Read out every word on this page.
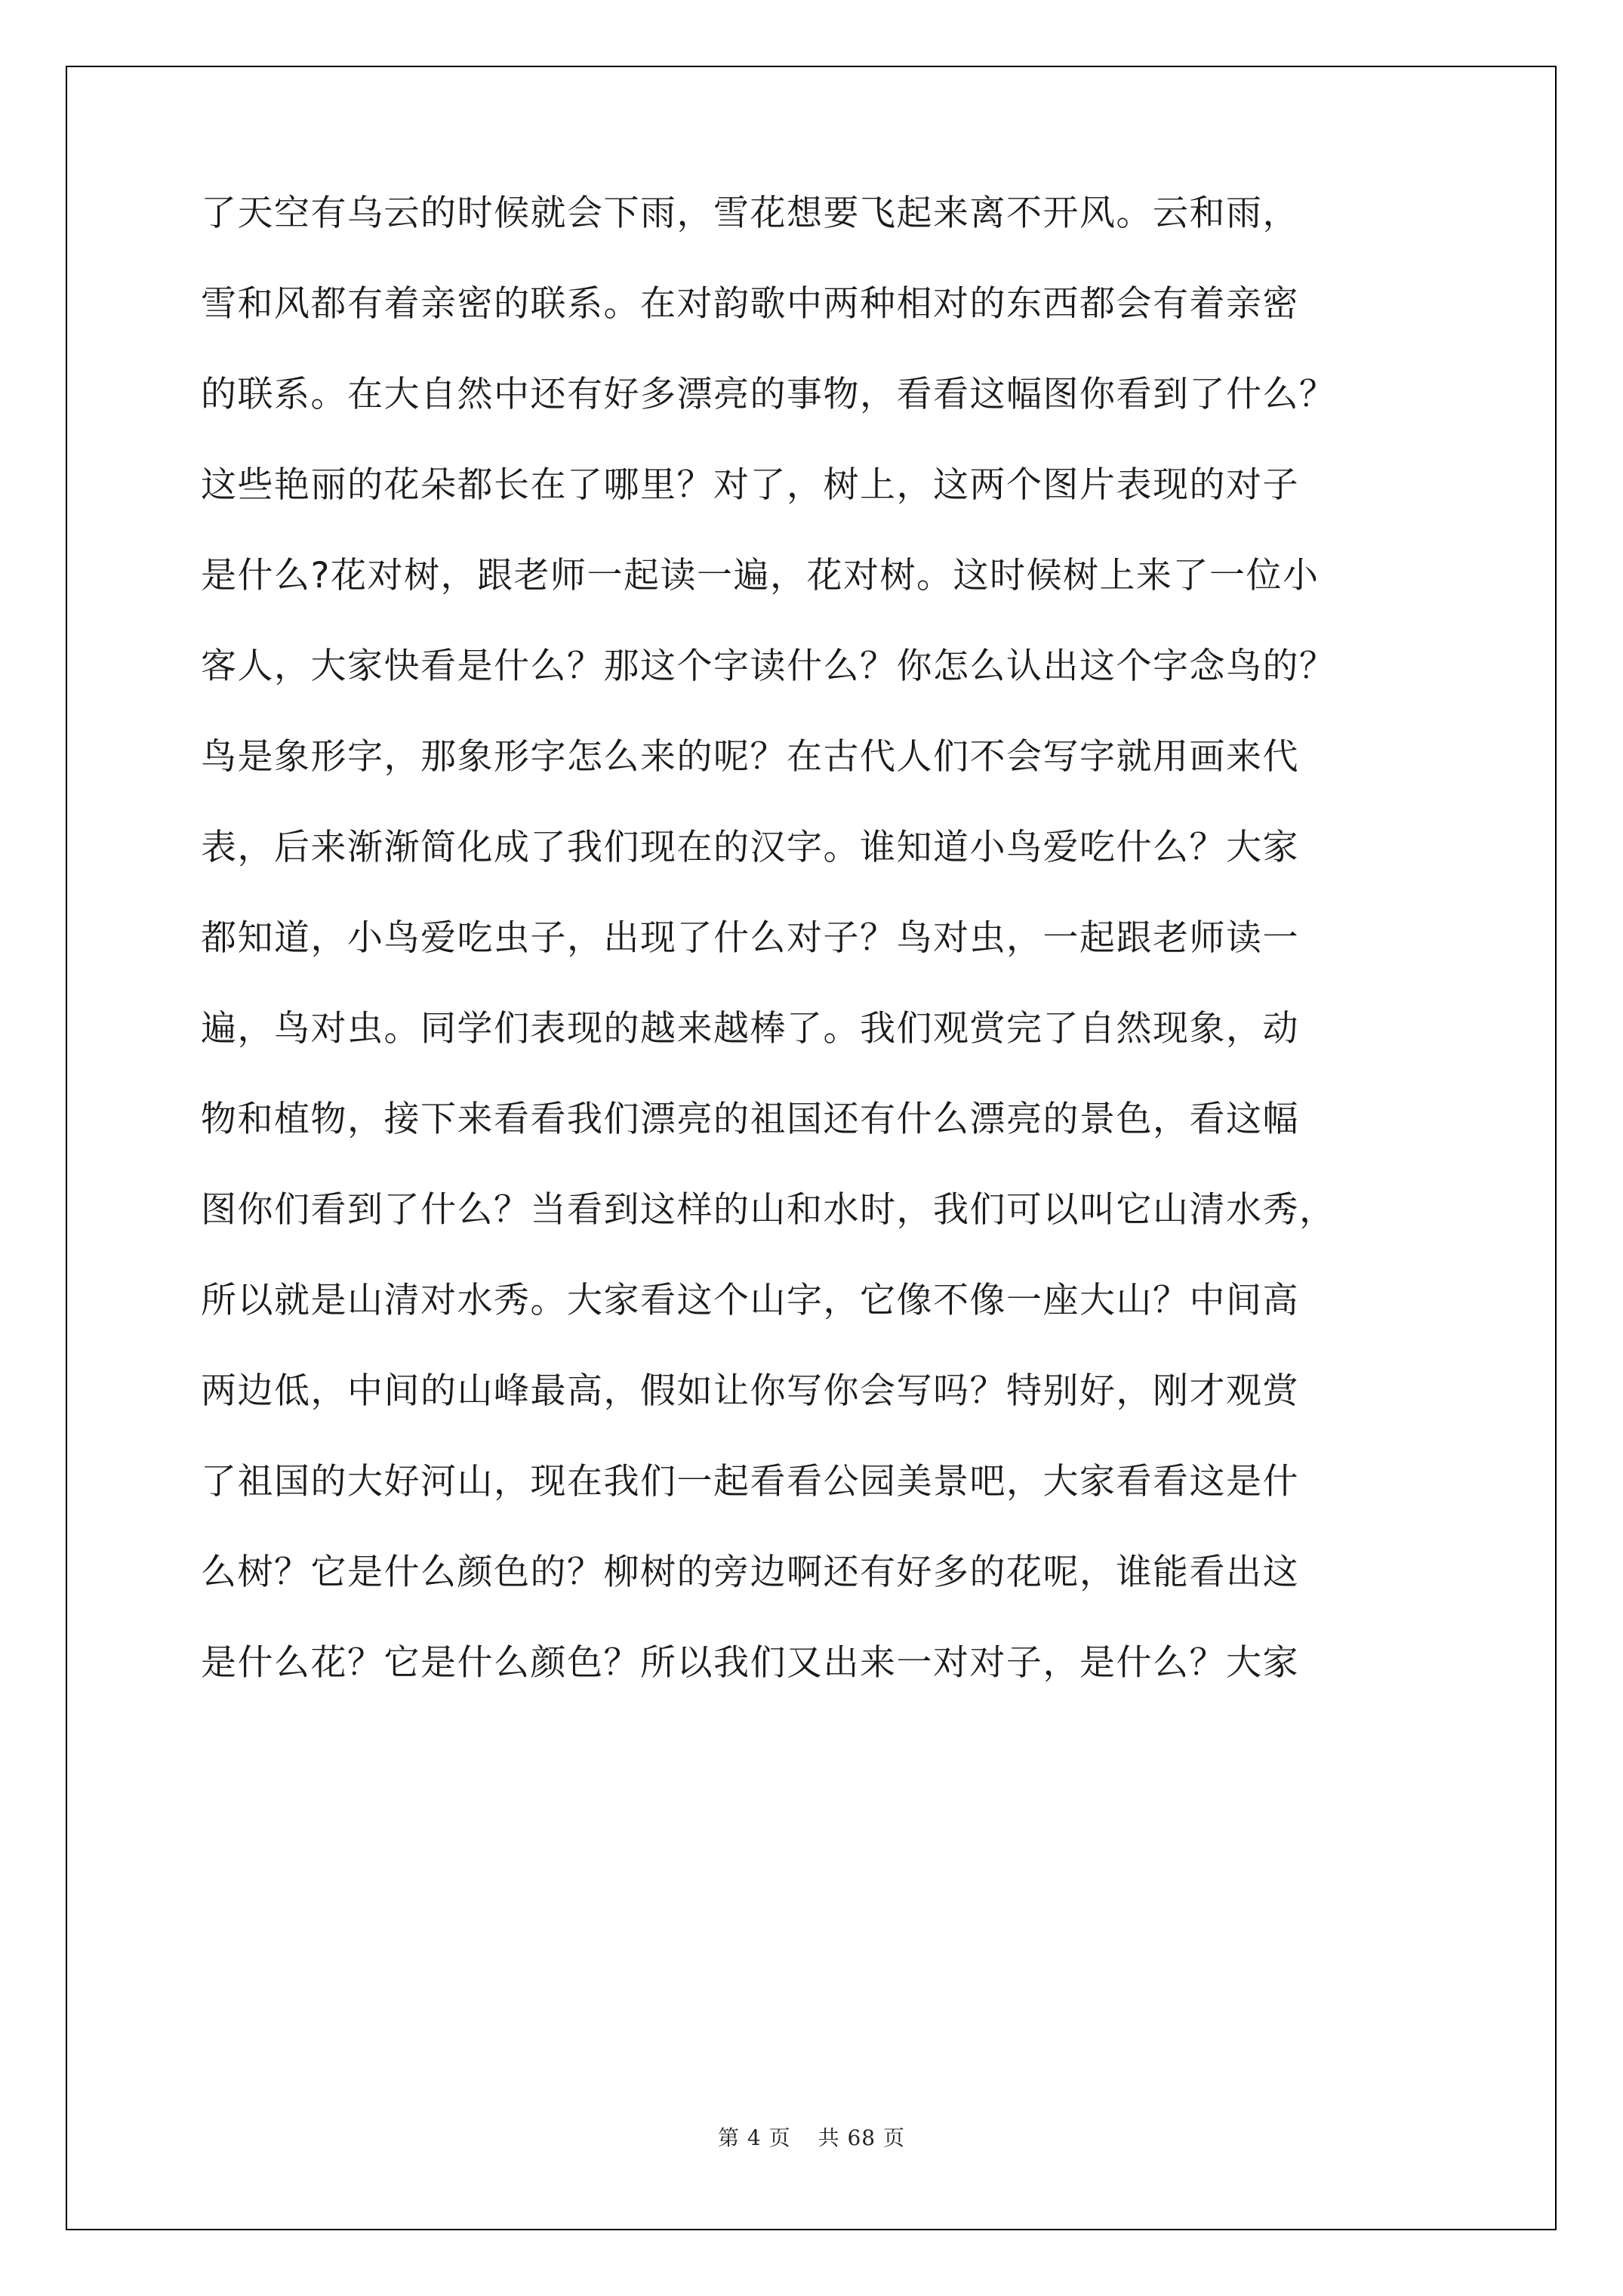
了天空有乌云的时候就会下雨，雪花想要飞起来离不开风。云和雨，
雪和风都有着亲密的联系。在对韵歌中两种相对的东西都会有着亲密
的联系。在大自然中还有好多漂亮的事物，看看这幅图你看到了什么？
这些艳丽的花朵都长在了哪里？对了，树上，这两个图片表现的对子
是什么?花对树，跟老师一起读一遍，花对树。这时候树上来了一位小
客人，大家快看是什么？那这个字读什么？你怎么认出这个字念鸟的？
鸟是象形字，那象形字怎么来的呢？在古代人们不会写字就用画来代
表，后来渐渐简化成了我们现在的汉字。谁知道小鸟爱吃什么？大家
都知道，小鸟爱吃虫子，出现了什么对子？鸟对虫，一起跟老师读一
遍，鸟对虫。同学们表现的越来越棒了。我们观赏完了自然现象，动
物和植物，接下来看看我们漂亮的祖国还有什么漂亮的景色，看这幅
图你们看到了什么？当看到这样的山和水时，我们可以叫它山清水秀，
所以就是山清对水秀。大家看这个山字，它像不像一座大山？中间高
两边低，中间的山峰最高，假如让你写你会写吗？特别好，刚才观赏
了祖国的大好河山，现在我们一起看看公园美景吧，大家看看这是什
么树？它是什么颜色的？柳树的旁边啊还有好多的花呢，谁能看出这
是什么花？它是什么颜色？所以我们又出来一对对子，是什么？大家
第 4 页 共 68 页
